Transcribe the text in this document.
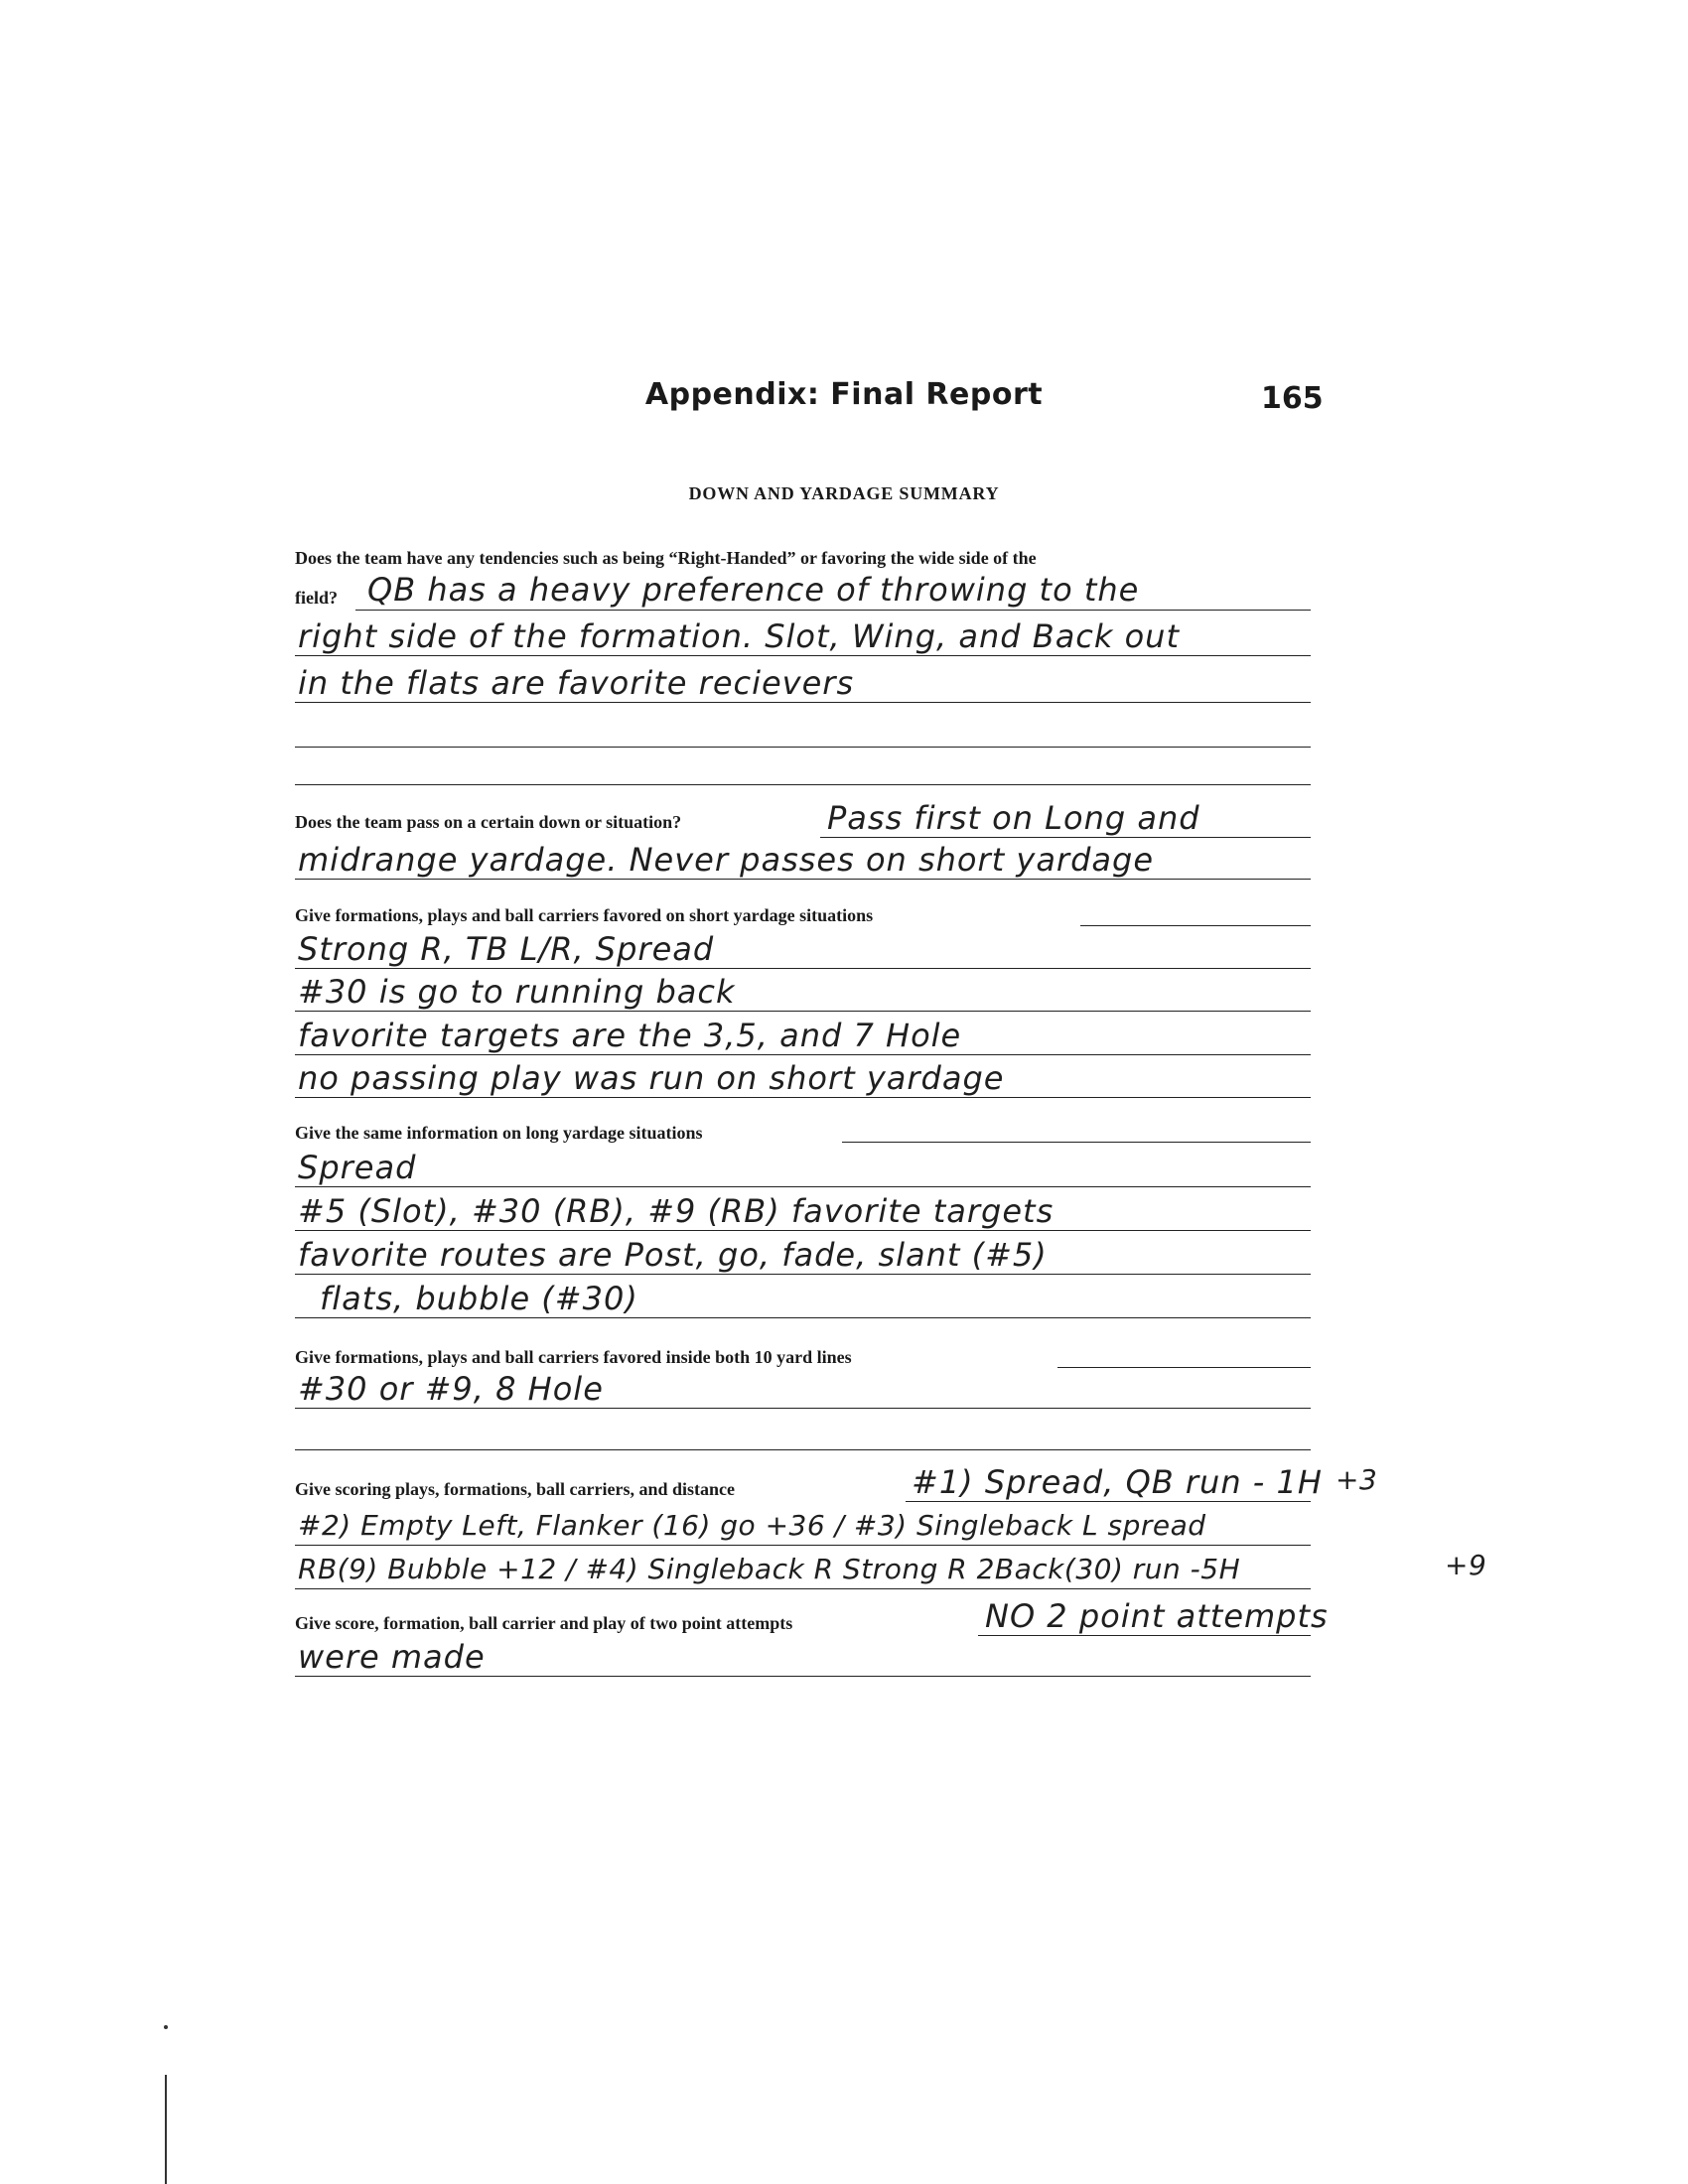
Appendix: Final Report	165
DOWN AND YARDAGE SUMMARY
Does the team have any tendencies such as being “Right-Handed” or favoring the wide side of the
field? QB has a heavy preference of throwing to the
right side of the formation. Slot, Wing, and Back out
in the flats are favorite recievers
Does the team pass on a certain down or situation?	Pass first on Long and
midrange yardage. Never passes on short yardage
Give formations, plays and ball carriers favored on short yardage situations
Strong R, TB L/R, Spread
#30 is go to running back
favorite targets are the 3,5, and 7 Hole
no passing play was run on short yardage
Give the same information on long yardage situations
Spread
#5 (Slot), #30 (RB), #9 (RB) favorite targets
favorite routes are Post, go, fade, slant (#5)
flats, bubble (#30)
Give formations, plays and ball carriers favored inside both 10 yard lines
#30 or #9, 8 Hole
Give scoring plays, formations, ball carriers, and distance	#1) Spread, QB run - 1H +3
#2) Empty Left, Flanker (16) go +36 / #3) Singleback L spread
RB(9) Bubble +12 / #4) Singleback R Strong R 2Back(30) run -5H	+9
Give score, formation, ball carrier and play of two point attempts	NO 2 point attempts
were made
